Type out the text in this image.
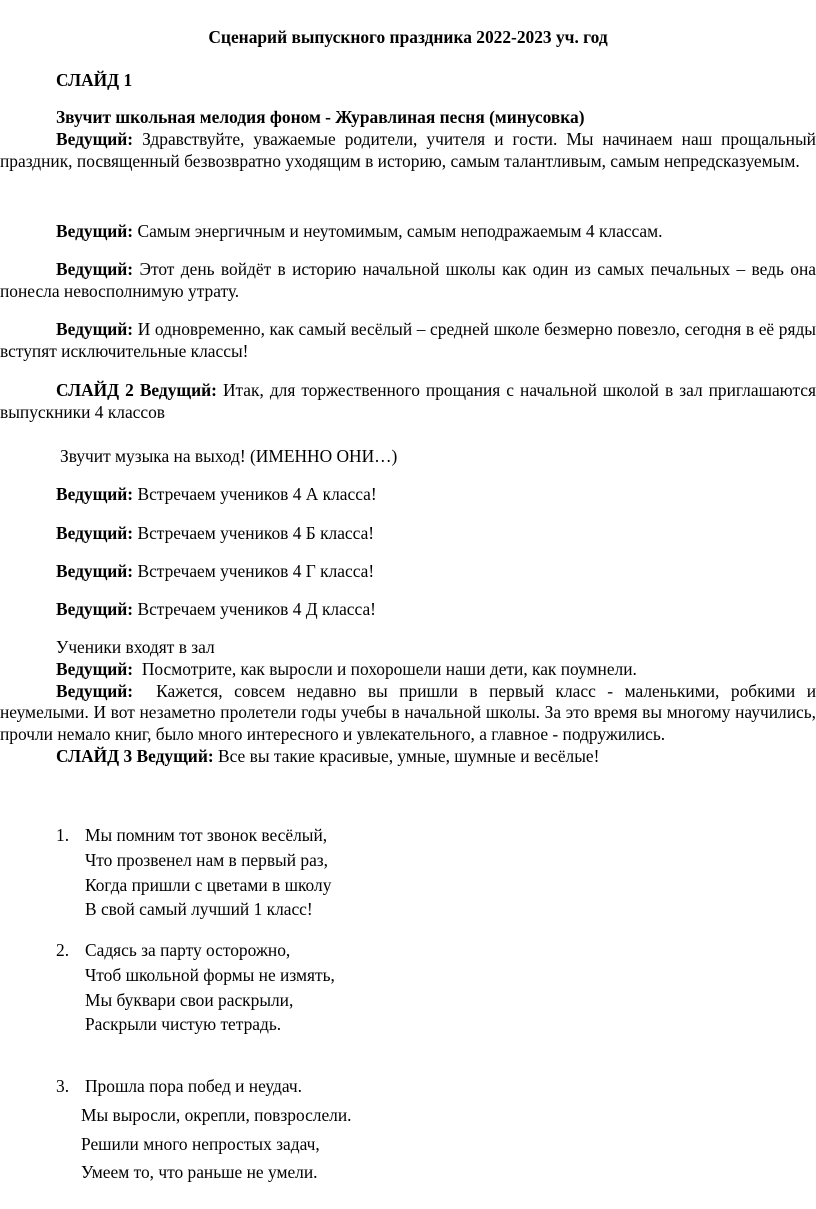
Сценарий выпускного праздника 2022-2023 уч. год
СЛАЙД 1
Звучит школьная мелодия фоном - Журавлиная песня (минусовка)

Ведущий: Здравствуйте, уважаемые родители, учителя и гости. Мы начинаем наш прощальный праздник, посвященный безвозвратно уходящим в историю, самым талантливым, самым непредсказуемым.

Ведущий: Самым энергичным и неутомимым, самым неподражаемым 4 классам.

Ведущий: Этот день войдёт в историю начальной школы как один из самых печальных – ведь она понесла невосполнимую утрату.

Ведущий: И одновременно, как самый весёлый – средней школе безмерно повезло, сегодня в её ряды вступят исключительные классы!

СЛАЙД 2 Ведущий: Итак, для торжественного прощания с начальной школой в зал приглашаются выпускники 4 классов

Звучит музыка на выход! (ИМЕННО ОНИ…)
Ведущий: Встречаем учеников 4 А класса!
Ведущий: Встречаем учеников 4 Б класса!
Ведущий: Встречаем учеников 4 Г класса!
Ведущий: Встречаем учеников 4 Д класса!
Ученики входят в зал
Ведущий: Посмотрите, как выросли и похорошели наши дети, как поумнели.

Ведущий: Кажется, совсем недавно вы пришли в первый класс - маленькими, робкими и неумелыми. И вот незаметно пролетели годы учебы в начальной школы. За это время вы многому научились, прочли немало книг, было много интересного и увлекательного, а главное - подружились.

СЛАЙД 3 Ведущий: Все вы такие красивые, умные, шумные и весёлые!
1. Мы помним тот звонок весёлый,
Что прозвенел нам в первый раз,
Когда пришли с цветами в школу
В свой самый лучший 1 класс!
2. Садясь за парту осторожно,
Чтоб школьной формы не измять,
Мы буквари свои раскрыли,
Раскрыли чистую тетрадь.
3. Прошла пора побед и неудач.
Мы выросли, окрепли, повзрослели.
Решили много непростых задач,
Умеем то, что раньше не умели.
